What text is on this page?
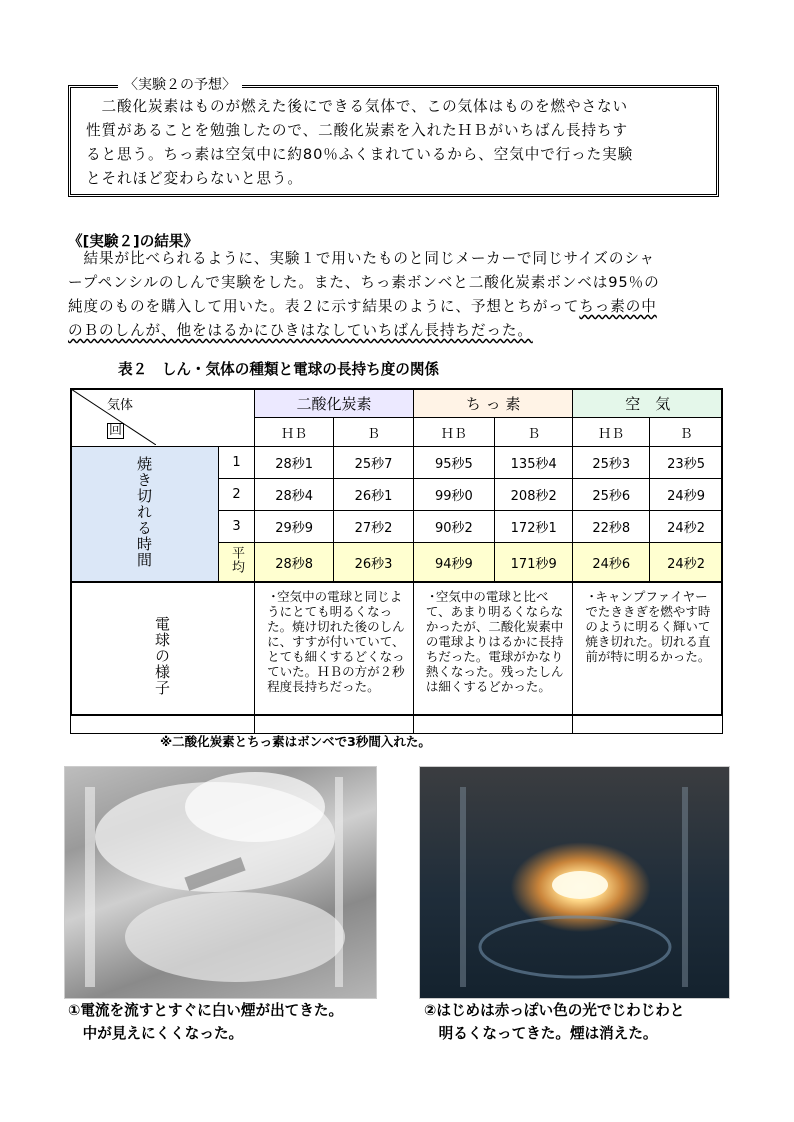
〈実験２の予想〉
　二酸化炭素はものが燃えた後にできる気体で、この気体はものを燃やさない
性質があることを勉強したので、二酸化炭素を入れたＨＢがいちばん長持ちす
ると思う。ちっ素は空気中に約80％ふくまれているから、空気中で行った実験
とそれほど変わらないと思う。
《[実験２]の結果》
　結果が比べられるように、実験１で用いたものと同じメーカーで同じサイズのシャ
ープペンシルのしんで実験をした。また、ちっ素ボンベと二酸化炭素ボンベは95％の
純度のものを購入して用いた。表２に示す結果のように、予想とちがってちっ素の中
のＢのしんが、他をはるかにひきはなしていちばん長持ちだった。
表２　しん・気体の種類と電球の長持ち度の関係
気体
回		二酸化炭素		ち っ 素		空　気	
		ＨＢ	Ｂ	ＨＢ	Ｂ	ＨＢ	Ｂ
焼き切れる時間	1	28秒1	25秒7	95秒5	135秒4	25秒3	23秒5
	2	28秒4	26秒1	99秒0	208秒2	25秒6	24秒9
	3	29秒9	27秒2	90秒2	172秒1	22秒8	24秒2
	平均	28秒8	26秒3	94秒9	171秒9	24秒6	24秒2
電球の様子		・空気中の電球と同じようにとても明るくなった。焼け切れた後のしんに、すすが付いていて、とても細くするどくなっていた。ＨＢの方が２秒程度長持ちだった。		・空気中の電球と比べて、あまり明るくならなかったが、二酸化炭素中の電球よりはるかに長持ちだった。電球がかなり熱くなった。残ったしんは細くするどかった。		・キャンプファイヤーでたききぎを燃やす時のように明るく輝いて焼き切れた。切れる直前が特に明るかった。	
※二酸化炭素とちっ素はボンベで3秒間入れた。
①電流を流すとすぐに白い煙が出てきた。
　中が見えにくくなった。
②はじめは赤っぽい色の光でじわじわと
　明るくなってきた。煙は消えた。
